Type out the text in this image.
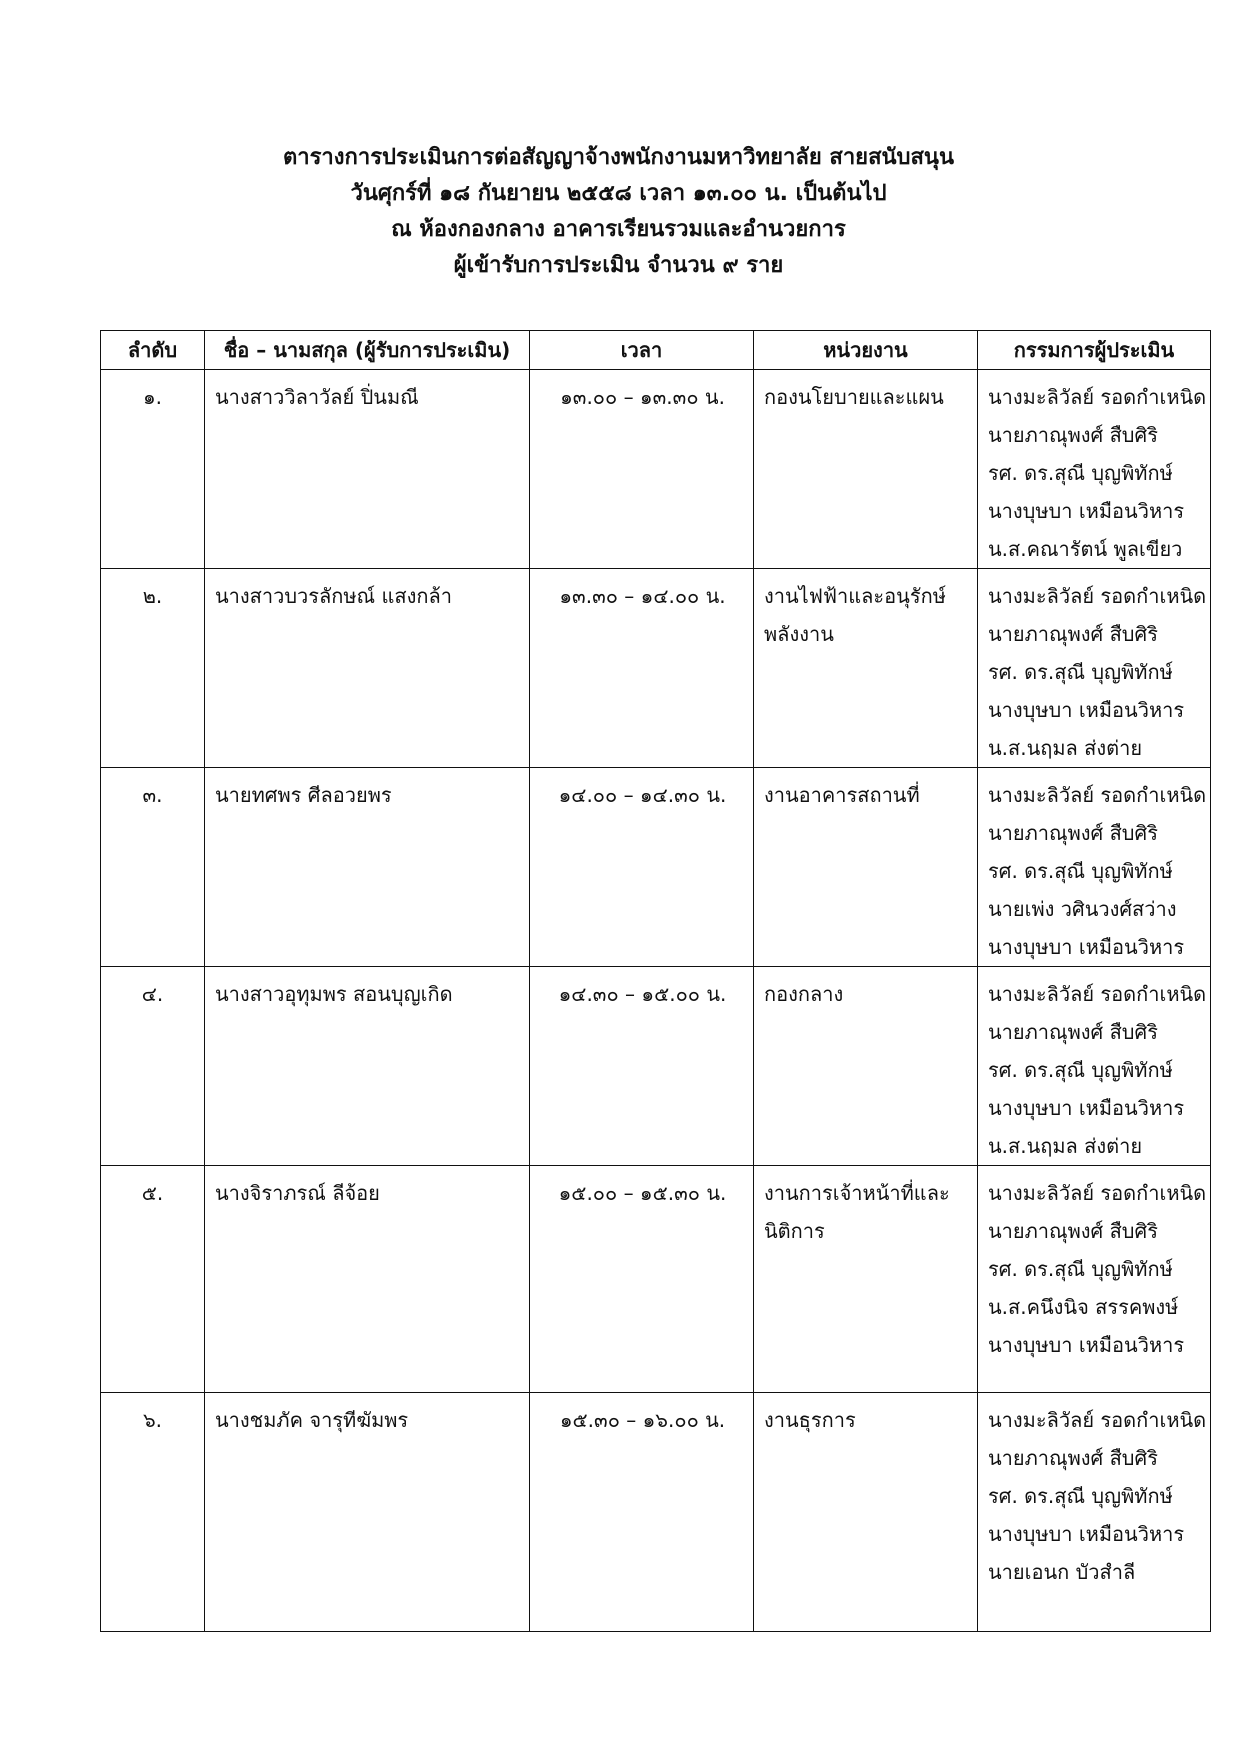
ตารางการประเมินการต่อสัญญาจ้างพนักงานมหาวิทยาลัย สายสนับสนุน
วันศุกร์ที่ ๑๘ กันยายน ๒๕๕๘ เวลา ๑๓.๐๐ น. เป็นต้นไป
ณ ห้องกองกลาง อาคารเรียนรวมและอำนวยการ
ผู้เข้ารับการประเมิน จำนวน ๙ ราย
ลำดับ	ชื่อ – นามสกุล (ผู้รับการประเมิน)	เวลา	หน่วยงาน	กรรมการผู้ประเมิน
๑.	นางสาววิลาวัลย์ ปิ่นมณี	๑๓.๐๐ – ๑๓.๓๐ น.	กองนโยบายและแผน	นางมะลิวัลย์ รอดกำเหนิด
นายภาณุพงศ์ สืบศิริ
รศ. ดร.สุณี บุญพิทักษ์
นางบุษบา เหมือนวิหาร
น.ส.คณารัตน์ พูลเขียว

๒.	นางสาวบวรลักษณ์ แสงกล้า	๑๓.๓๐ – ๑๔.๐๐ น.	งานไฟฟ้าและอนุรักษ์
พลังงาน	นางมะลิวัลย์ รอดกำเหนิด
นายภาณุพงศ์ สืบศิริ
รศ. ดร.สุณี บุญพิทักษ์
นางบุษบา เหมือนวิหาร
น.ส.นฤมล ส่งต่าย

๓.	นายทศพร ศีลอวยพร	๑๔.๐๐ – ๑๔.๓๐ น.	งานอาคารสถานที่	นางมะลิวัลย์ รอดกำเหนิด
นายภาณุพงศ์ สืบศิริ
รศ. ดร.สุณี บุญพิทักษ์
นายเพ่ง วศินวงศ์สว่าง
นางบุษบา เหมือนวิหาร

๔.	นางสาวอุทุมพร สอนบุญเกิด	๑๔.๓๐ – ๑๕.๐๐ น.	กองกลาง	นางมะลิวัลย์ รอดกำเหนิด
นายภาณุพงศ์ สืบศิริ
รศ. ดร.สุณี บุญพิทักษ์
นางบุษบา เหมือนวิหาร
น.ส.นฤมล ส่งต่าย

๕.	นางจิราภรณ์ ลีจ้อย	๑๕.๐๐ – ๑๕.๓๐ น.	งานการเจ้าหน้าที่และ
นิติการ	นางมะลิวัลย์ รอดกำเหนิด
นายภาณุพงศ์ สืบศิริ
รศ. ดร.สุณี บุญพิทักษ์
น.ส.คนึงนิจ สรรคพงษ์
นางบุษบา เหมือนวิหาร

๖.	นางชมภัค จารุทีฆัมพร	๑๕.๓๐ – ๑๖.๐๐ น.	งานธุรการ	นางมะลิวัลย์ รอดกำเหนิด
นายภาณุพงศ์ สืบศิริ
รศ. ดร.สุณี บุญพิทักษ์
นางบุษบา เหมือนวิหาร
นายเอนก บัวสำลี
